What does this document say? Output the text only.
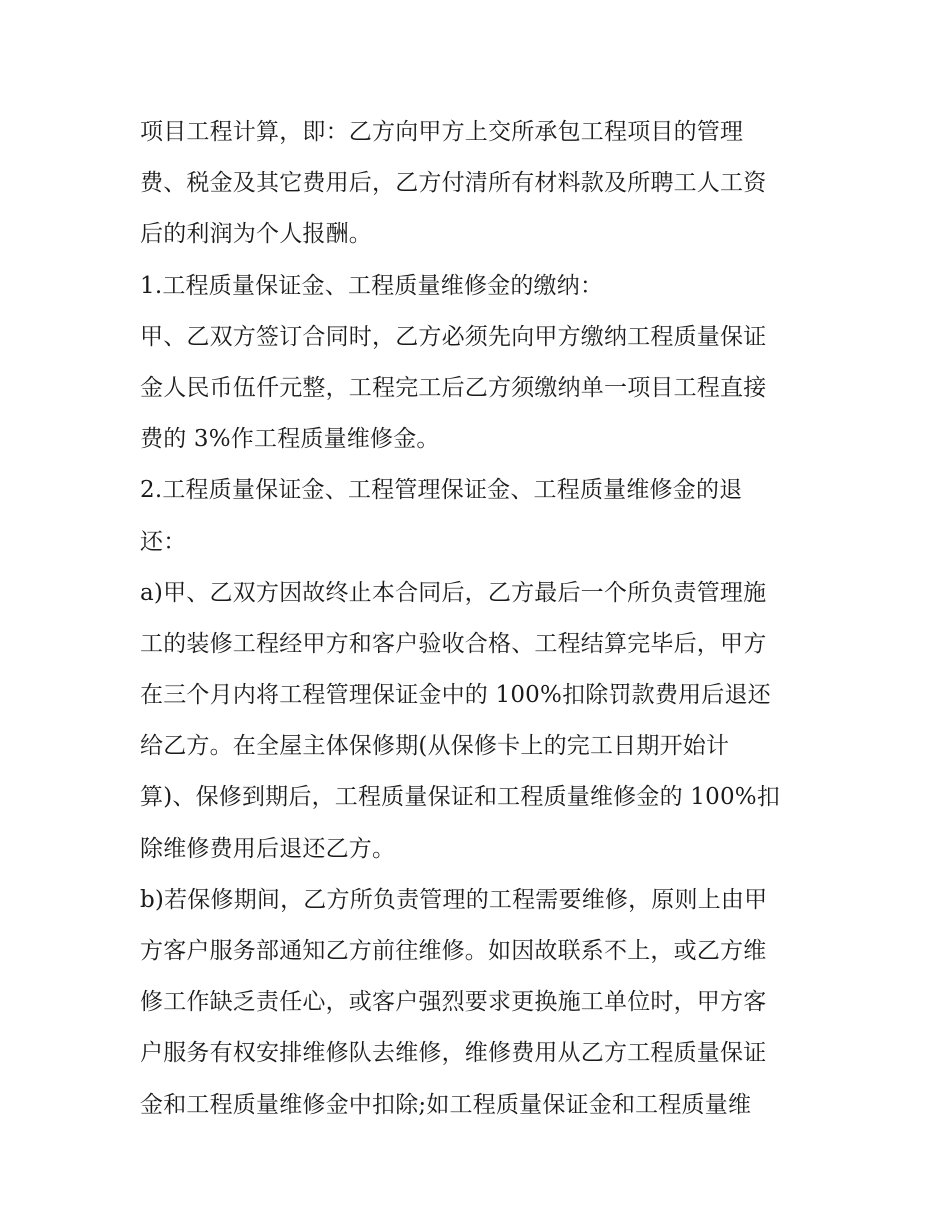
项目工程计算，即：乙方向甲方上交所承包工程项目的管理
费、税金及其它费用后，乙方付清所有材料款及所聘工人工资
后的利润为个人报酬。
1.工程质量保证金、工程质量维修金的缴纳：
甲、乙双方签订合同时，乙方必须先向甲方缴纳工程质量保证
金人民币伍仟元整，工程完工后乙方须缴纳单一项目工程直接
费的 3%作工程质量维修金。
2.工程质量保证金、工程管理保证金、工程质量维修金的退
还：
a)甲、乙双方因故终止本合同后，乙方最后一个所负责管理施
工的装修工程经甲方和客户验收合格、工程结算完毕后，甲方
在三个月内将工程管理保证金中的 100%扣除罚款费用后退还
给乙方。在全屋主体保修期(从保修卡上的完工日期开始计
算)、保修到期后，工程质量保证和工程质量维修金的 100%扣
除维修费用后退还乙方。
b)若保修期间，乙方所负责管理的工程需要维修，原则上由甲
方客户服务部通知乙方前往维修。如因故联系不上，或乙方维
修工作缺乏责任心，或客户强烈要求更换施工单位时，甲方客
户服务有权安排维修队去维修，维修费用从乙方工程质量保证
金和工程质量维修金中扣除;如工程质量保证金和工程质量维
